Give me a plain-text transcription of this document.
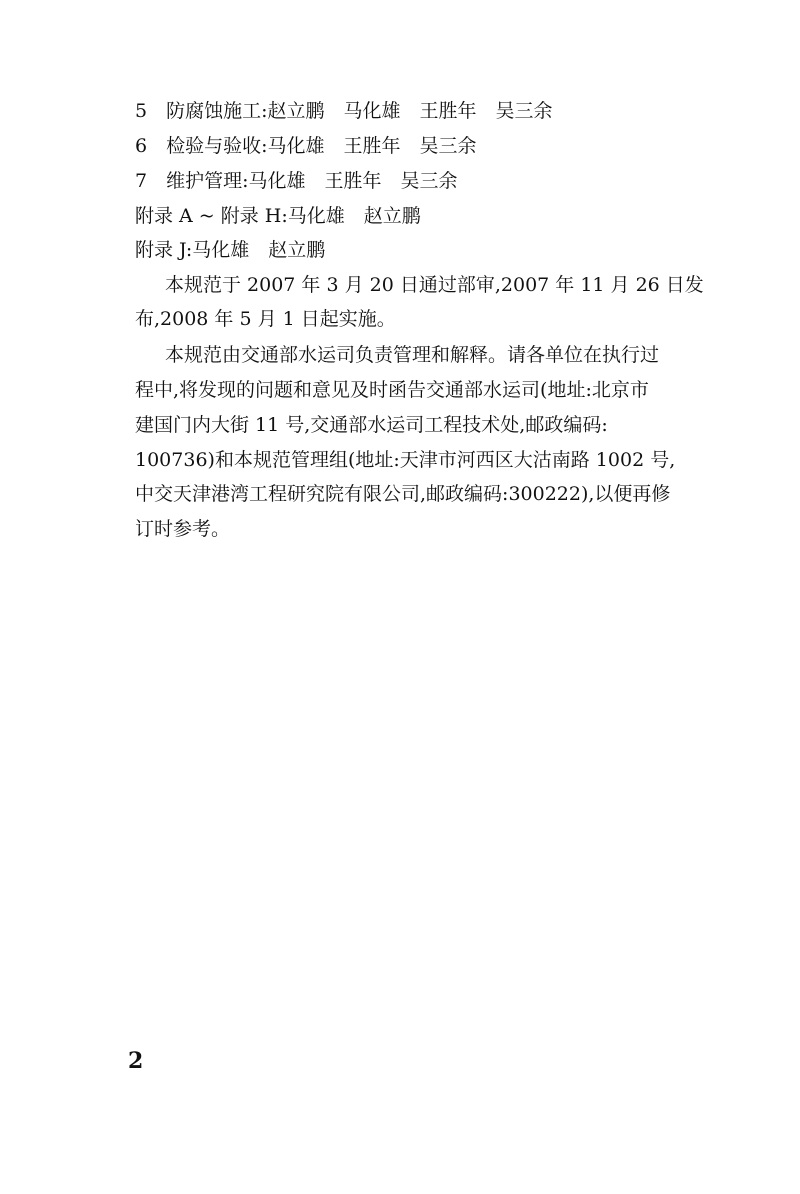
5　防腐蚀施工:赵立鹏　马化雄　王胜年　吴三余
6　检验与验收:马化雄　王胜年　吴三余
7　维护管理:马化雄　王胜年　吴三余
附录 A ~ 附录 H:马化雄　赵立鹏
附录 J:马化雄　赵立鹏
本规范于 2007 年 3 月 20 日通过部审,2007 年 11 月 26 日发
布,2008 年 5 月 1 日起实施。
本规范由交通部水运司负责管理和解释。请各单位在执行过
程中,将发现的问题和意见及时函告交通部水运司(地址:北京市
建国门内大街 11 号,交通部水运司工程技术处,邮政编码:
100736)和本规范管理组(地址:天津市河西区大沽南路 1002 号,
中交天津港湾工程研究院有限公司,邮政编码:300222),以便再修
订时参考。
2
